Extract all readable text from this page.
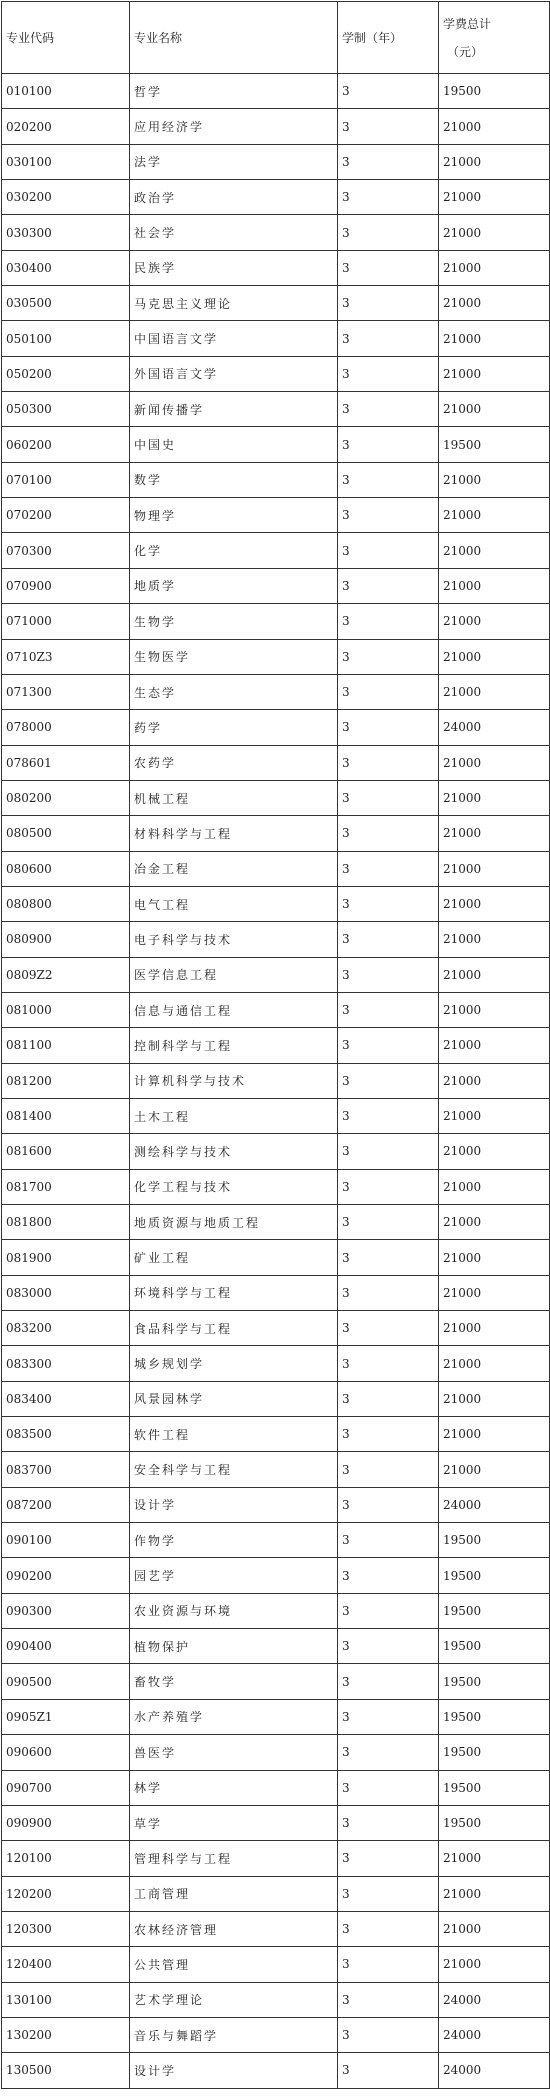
专业代码	专业名称	学制（年）	学费总计
（元）

010100	哲学	3	19500
020200	应用经济学	3	21000
030100	法学	3	21000
030200	政治学	3	21000
030300	社会学	3	21000
030400	民族学	3	21000
030500	马克思主义理论	3	21000
050100	中国语言文学	3	21000
050200	外国语言文学	3	21000
050300	新闻传播学	3	21000
060200	中国史	3	19500
070100	数学	3	21000
070200	物理学	3	21000
070300	化学	3	21000
070900	地质学	3	21000
071000	生物学	3	21000
0710Z3	生物医学	3	21000
071300	生态学	3	21000
078000	药学	3	24000
078601	农药学	3	21000
080200	机械工程	3	21000
080500	材料科学与工程	3	21000
080600	冶金工程	3	21000
080800	电气工程	3	21000
080900	电子科学与技术	3	21000
0809Z2	医学信息工程	3	21000
081000	信息与通信工程	3	21000
081100	控制科学与工程	3	21000
081200	计算机科学与技术	3	21000
081400	土木工程	3	21000
081600	测绘科学与技术	3	21000
081700	化学工程与技术	3	21000
081800	地质资源与地质工程	3	21000
081900	矿业工程	3	21000
083000	环境科学与工程	3	21000
083200	食品科学与工程	3	21000
083300	城乡规划学	3	21000
083400	风景园林学	3	21000
083500	软件工程	3	21000
083700	安全科学与工程	3	21000
087200	设计学	3	24000
090100	作物学	3	19500
090200	园艺学	3	19500
090300	农业资源与环境	3	19500
090400	植物保护	3	19500
090500	畜牧学	3	19500
0905Z1	水产养殖学	3	19500
090600	兽医学	3	19500
090700	林学	3	19500
090900	草学	3	19500
120100	管理科学与工程	3	21000
120200	工商管理	3	21000
120300	农林经济管理	3	21000
120400	公共管理	3	21000
130100	艺术学理论	3	24000
130200	音乐与舞蹈学	3	24000
130500	设计学	3	24000
